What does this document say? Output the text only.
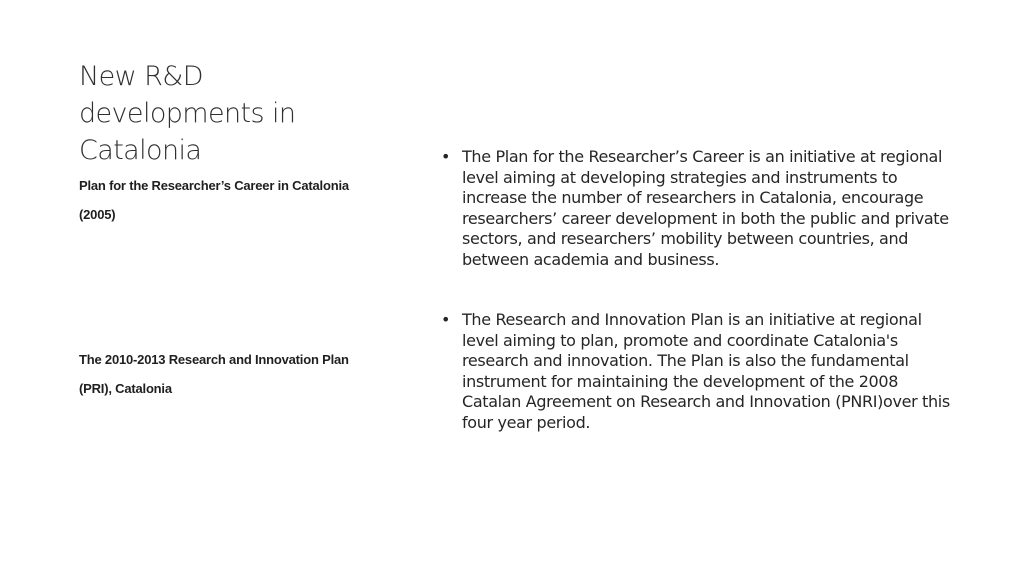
New R&D developments in Catalonia

Plan for the Researcher’s Career in Catalonia (2005)

The 2010-2013 Research and Innovation Plan (PRI), Catalonia

• The Plan for the Researcher’s Career is an initiative at regional level aiming at developing strategies and instruments to increase the number of researchers in Catalonia, encourage researchers’ career development in both the public and private sectors, and researchers’ mobility between countries, and between academia and business.
• The Research and Innovation Plan is an initiative at regional level aiming to plan, promote and coordinate Catalonia's research and innovation. The Plan is also the fundamental instrument for maintaining the development of the 2008 Catalan Agreement on Research and Innovation (PNRI)over this four year period.
